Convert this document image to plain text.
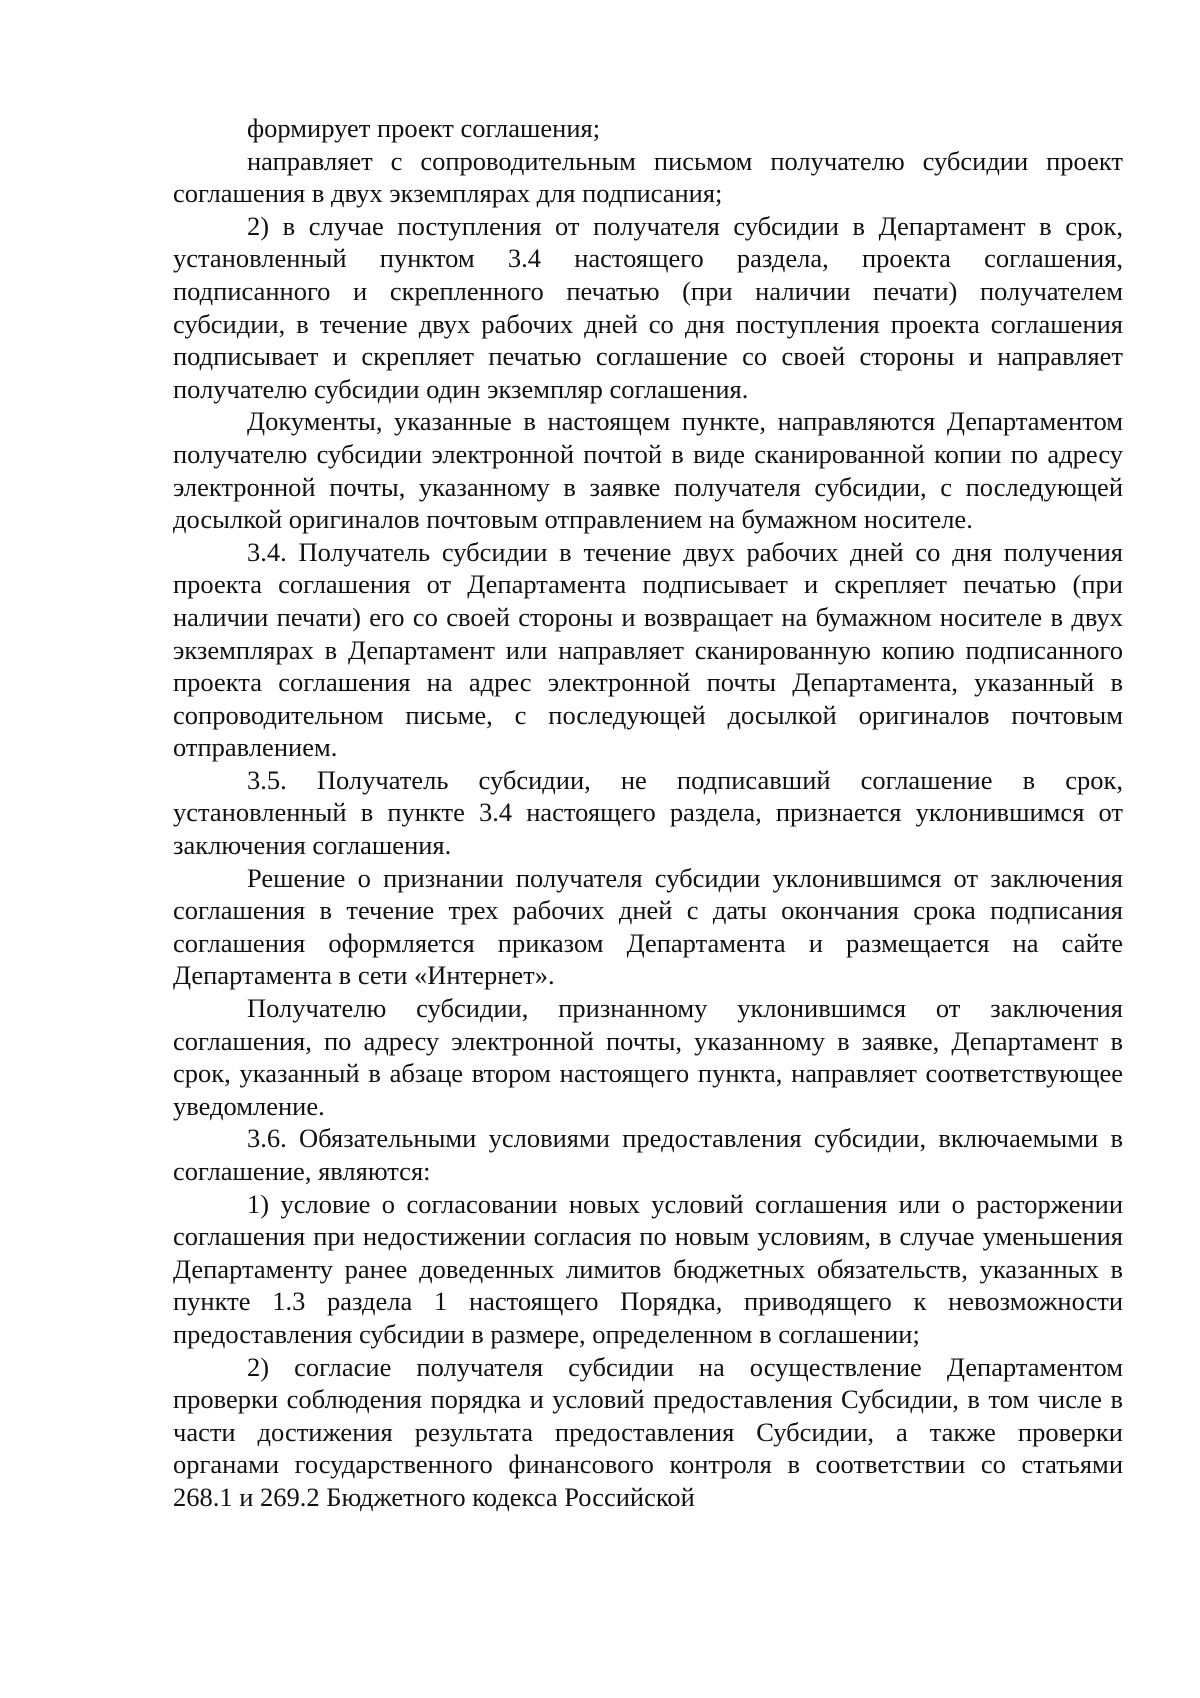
формирует проект соглашения;

направляет с сопроводительным письмом получателю субсидии проект соглашения в двух экземплярах для подписания;

2) в случае поступления от получателя субсидии в Департамент в срок, установленный пунктом 3.4 настоящего раздела, проекта соглашения, подписанного и скрепленного печатью (при наличии печати) получателем субсидии, в течение двух рабочих дней со дня поступления проекта соглашения подписывает и скрепляет печатью соглашение со своей стороны и направляет получателю субсидии один экземпляр соглашения.

Документы, указанные в настоящем пункте, направляются Департаментом получателю субсидии электронной почтой в виде сканированной копии по адресу электронной почты, указанному в заявке получателя субсидии, с последующей досылкой оригиналов почтовым отправлением на бумажном носителе.

3.4. Получатель субсидии в течение двух рабочих дней со дня получения проекта соглашения от Департамента подписывает и скрепляет печатью (при наличии печати) его со своей стороны и возвращает на бумажном носителе в двух экземплярах в Департамент или направляет сканированную копию подписанного проекта соглашения на адрес электронной почты Департамента, указанный в сопроводительном письме, с последующей досылкой оригиналов почтовым отправлением.

3.5. Получатель субсидии, не подписавший соглашение в срок, установленный в пункте 3.4 настоящего раздела, признается уклонившимся от заключения соглашения.

Решение о признании получателя субсидии уклонившимся от заключения соглашения в течение трех рабочих дней с даты окончания срока подписания соглашения оформляется приказом Департамента и размещается на сайте Департамента в сети «Интернет».

Получателю субсидии, признанному уклонившимся от заключения соглашения, по адресу электронной почты, указанному в заявке, Департамент в срок, указанный в абзаце втором настоящего пункта, направляет соответствующее уведомление.

3.6. Обязательными условиями предоставления субсидии, включаемыми в соглашение, являются:

1) условие о согласовании новых условий соглашения или о расторжении соглашения при недостижении согласия по новым условиям, в случае уменьшения Департаменту ранее доведенных лимитов бюджетных обязательств, указанных в пункте 1.3 раздела 1 настоящего Порядка, приводящего к невозможности предоставления субсидии в размере, определенном в соглашении;

2) согласие получателя субсидии на осуществление Департаментом проверки соблюдения порядка и условий предоставления Субсидии, в том числе в части достижения результата предоставления Субсидии, а также проверки органами государственного финансового контроля в соответствии со статьями 268.1 и 269.2 Бюджетного кодекса Российской
